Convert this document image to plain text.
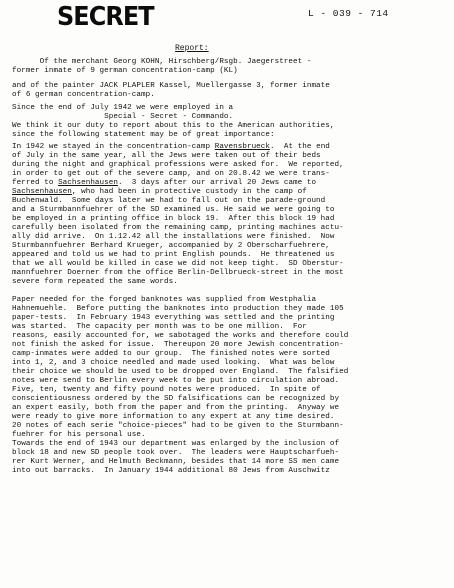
SECRET	L - 039 - 714
Report:
Of the merchant Georg KOHN, Hirschberg/Rsgb. Jaegerstreet -
former inmate of 9 german concentration-camp (KL)
and of the painter JACK PLAPLER Kassel, Muellergasse 3, former inmate
of 6 german concentration-camp.
Since the end of July 1942 we were employed in a
Special - Secret - Commando.
We think it our duty to report about this to the American authorities,
since the following statement may be of great importance:
In 1942 we stayed in the concentration-camp Ravensbrueck.  At the end
of July in the same year, all the Jews were taken out of their beds
during the night and graphical professions were asked for.  We reported,
in order to get out of the severe camp, and on 20.8.42 we were trans-
ferred to Sachsenhausen.  3 days after our arrival 20 Jews came to
Sachsenhausen, who had been in protective custody in the camp of
Buchenwald.  Some days later we had to fall out on the parade-ground
and a Sturmbannfuehrer of the SD examined us. He said we were going to
be employed in a printing office in block 19.  After this block 19 had
carefully been isolated from the remaining camp, printing machines actu-
ally did arrive.  On 1.12.42 all the installations were finished.  Now
Sturmbannfuehrer Berhard Krueger, accompanied by 2 Oberscharfuehrere,
appeared and told us we had to print English pounds.  He threatened us
that we all would be killed in case we did not keep tight.  SD Oberstur-
mannfuehrer Doerner from the office Berlin-Dellbrueck-street in the most
severe form repeated the same words.
Paper needed for the forged banknotes was supplied from Westphalia
Hahnemuehle.  Before putting the banknotes into production they made 105
paper-tests.  In February 1943 everything was settled and the printing
was started.  The capacity per month was to be one million.  For
reasons, easily accounted for, we sabotaged the works and therefore could
not finish the asked for issue.  Thereupon 20 more Jewish concentration-
camp-inmates were added to our group.  The finished notes were sorted
into 1, 2, and 3 choice needled and made used looking.  What was below
their choice we should be used to be dropped over England.  The falsified
notes were send to Berlin every week to be put into circulation abroad.
Five, ten, twenty and fifty pound notes were produced.  In spite of
conscientiousness ordered by the SD falsifications can be recognized by
an expert easily, both from the paper and from the printing.  Anyway we
were ready to give more information to any expert at any time desired.
20 notes of each serie "choice-pieces" had to be given to the Sturmbann-
fuehrer for his personal use.
Towards the end of 1943 our department was enlarged by the inclusion of
block 18 and new SD people took over.  The leaders were Hauptscharfueh-
rer Kurt Werner, and Helmuth Beckmann, besides that 14 more SS men came
into out barracks.  In January 1944 additional 80 Jews from Auschwitz
